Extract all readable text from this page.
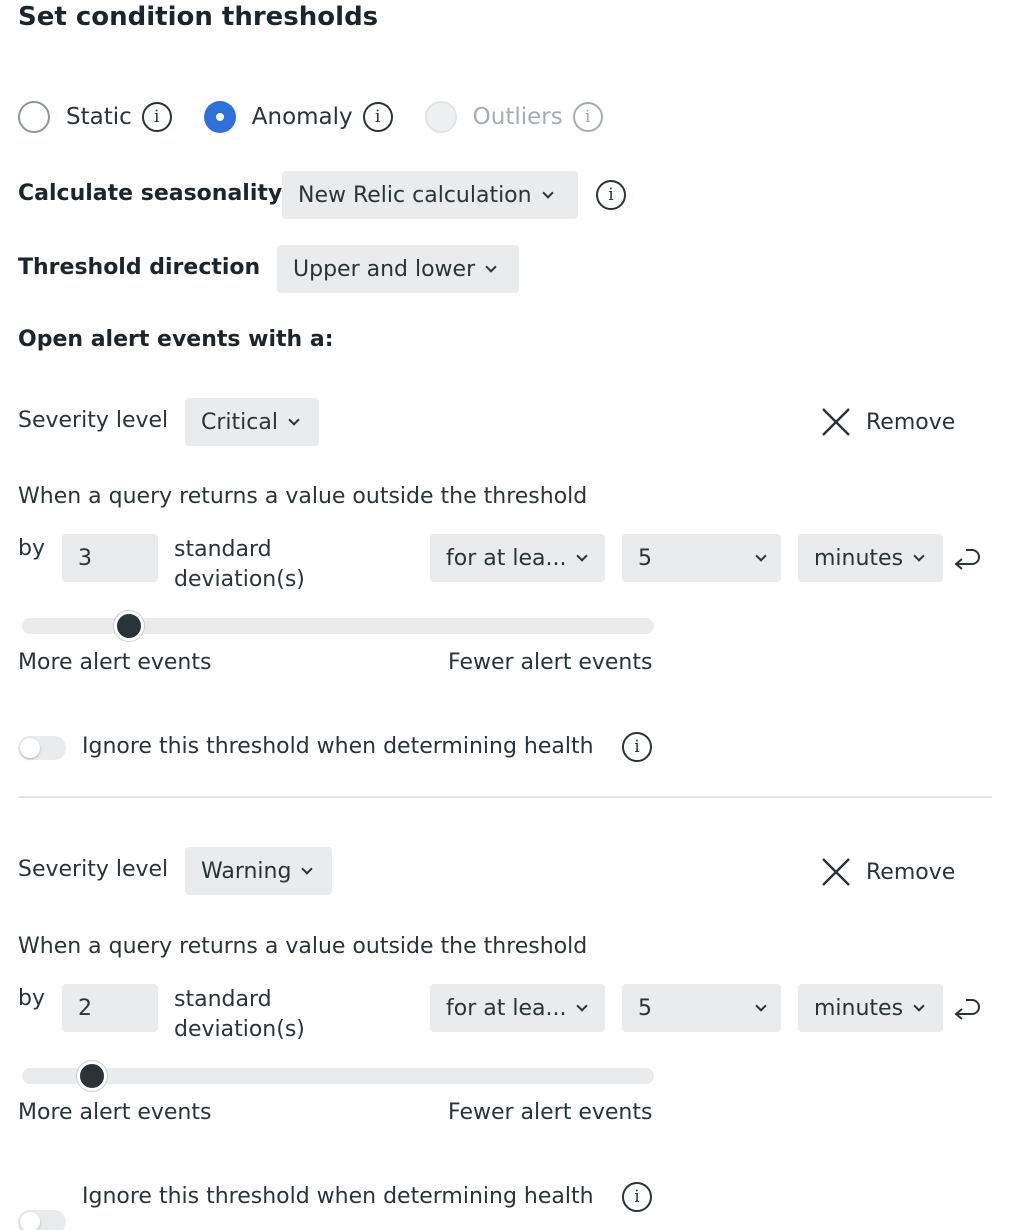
Set condition thresholds
Static	i	Anomaly	i	Outliers	i
Calculate seasonality New Relic calculation	i
Threshold direction Upper and lower
Open alert events with a:
Severity level Critical	Remove
When a query returns a value outside the threshold
by 3	standard
deviation(s)
for at lea...	5	minutes
More alert events	Fewer alert events
Ignore this threshold when determining health	i
Severity level Warning	Remove
When a query returns a value outside the threshold
by 2	standard
deviation(s)
for at lea...	5	minutes
More alert events	Fewer alert events
Ignore this threshold when determining health	i
